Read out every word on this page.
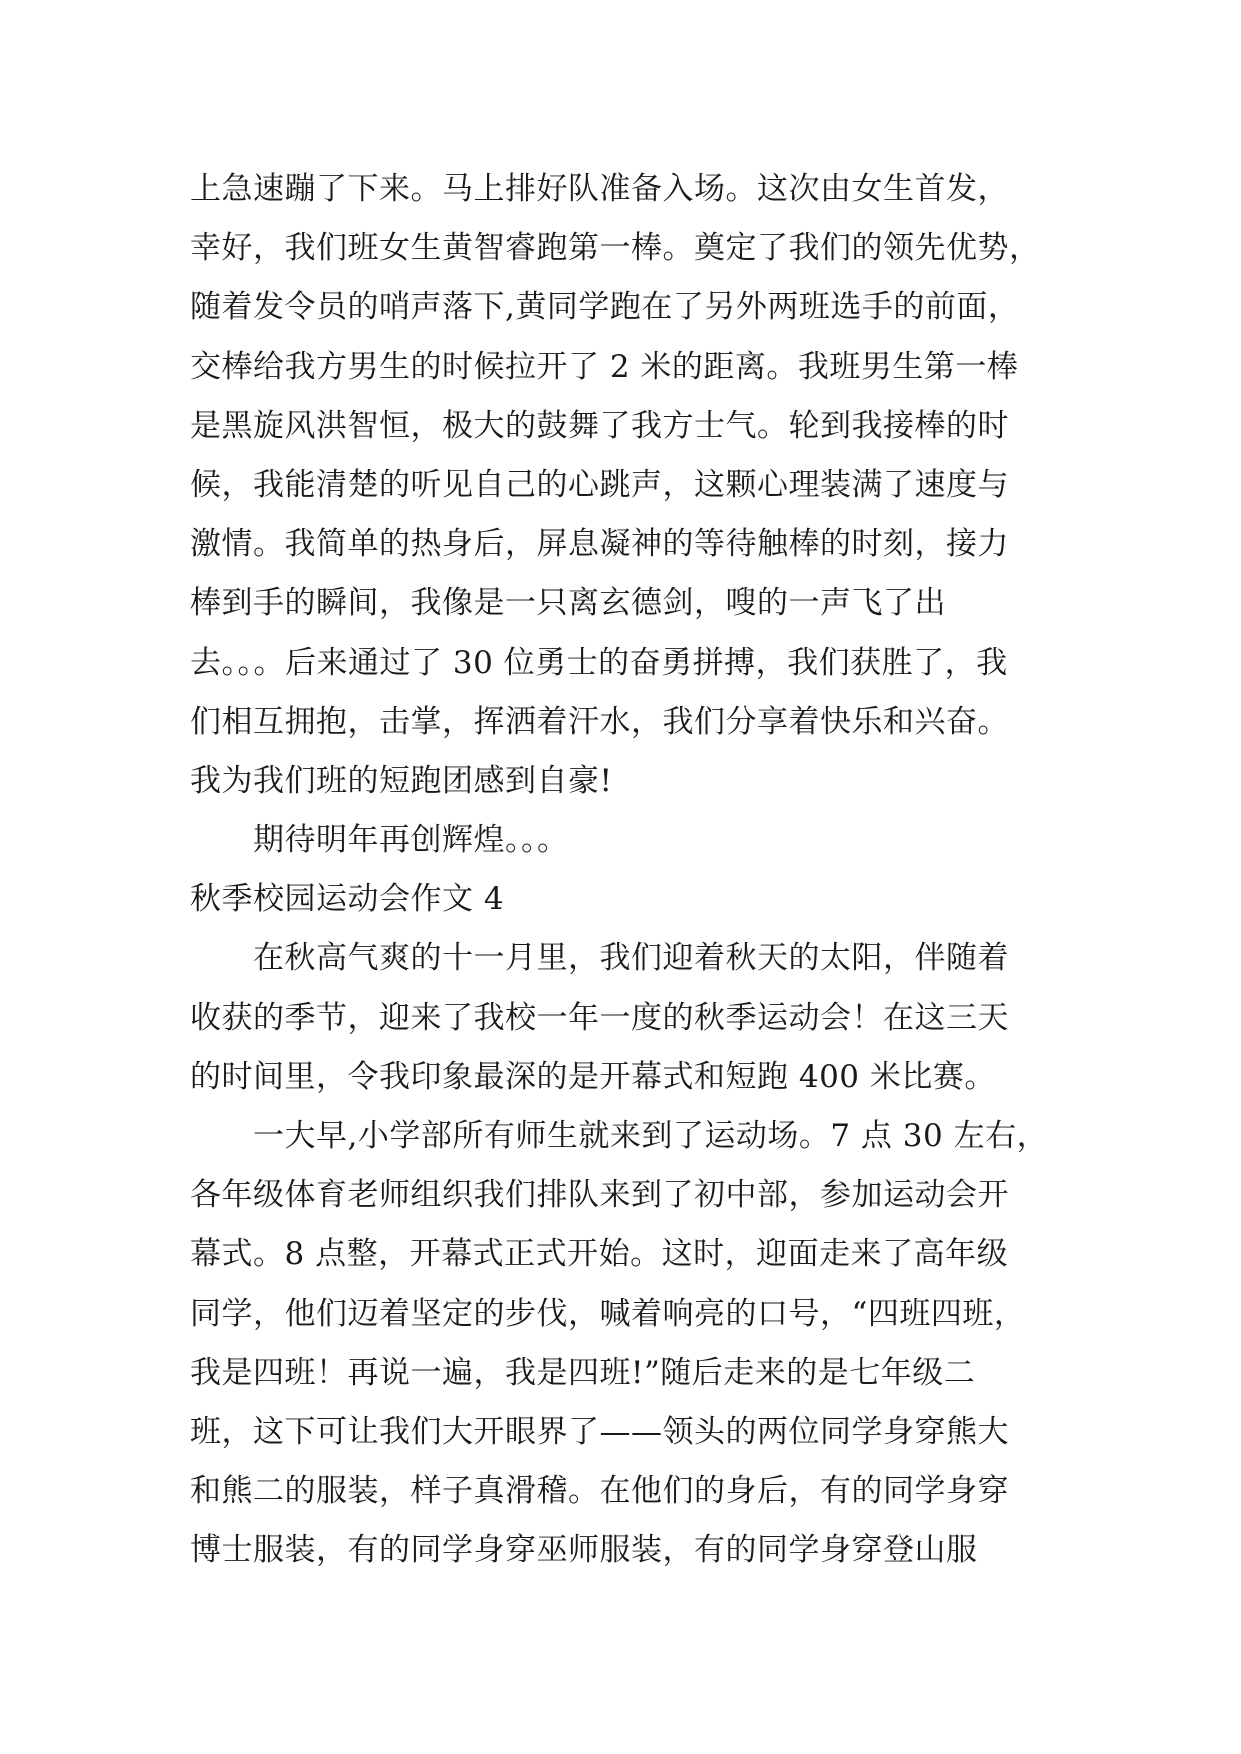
上急速蹦了下来。马上排好队准备入场。这次由女生首发，
幸好，我们班女生黄智睿跑第一棒。奠定了我们的领先优势，
随着发令员的哨声落下,黄同学跑在了另外两班选手的前面，
交棒给我方男生的时候拉开了 2 米的距离。我班男生第一棒
是黑旋风洪智恒，极大的鼓舞了我方士气。轮到我接棒的时
候，我能清楚的听见自己的心跳声，这颗心理装满了速度与
激情。我简单的热身后，屏息凝神的等待触棒的时刻，接力
棒到手的瞬间，我像是一只离玄德剑，嗖的一声飞了出
去。。。后来通过了 30 位勇士的奋勇拼搏，我们获胜了，我
们相互拥抱，击掌，挥洒着汗水，我们分享着快乐和兴奋。
我为我们班的短跑团感到自豪!
期待明年再创辉煌。。。
秋季校园运动会作文 4
在秋高气爽的十一月里，我们迎着秋天的太阳，伴随着
收获的季节，迎来了我校一年一度的秋季运动会！在这三天
的时间里，令我印象最深的是开幕式和短跑 400 米比赛。
一大早,小学部所有师生就来到了运动场。7 点 30 左右，
各年级体育老师组织我们排队来到了初中部，参加运动会开
幕式。8 点整，开幕式正式开始。这时，迎面走来了高年级
同学，他们迈着坚定的步伐，喊着响亮的口号，“四班四班，
我是四班！再说一遍，我是四班!”随后走来的是七年级二
班，这下可让我们大开眼界了——领头的两位同学身穿熊大
和熊二的服装，样子真滑稽。在他们的身后，有的同学身穿
博士服装，有的同学身穿巫师服装，有的同学身穿登山服
